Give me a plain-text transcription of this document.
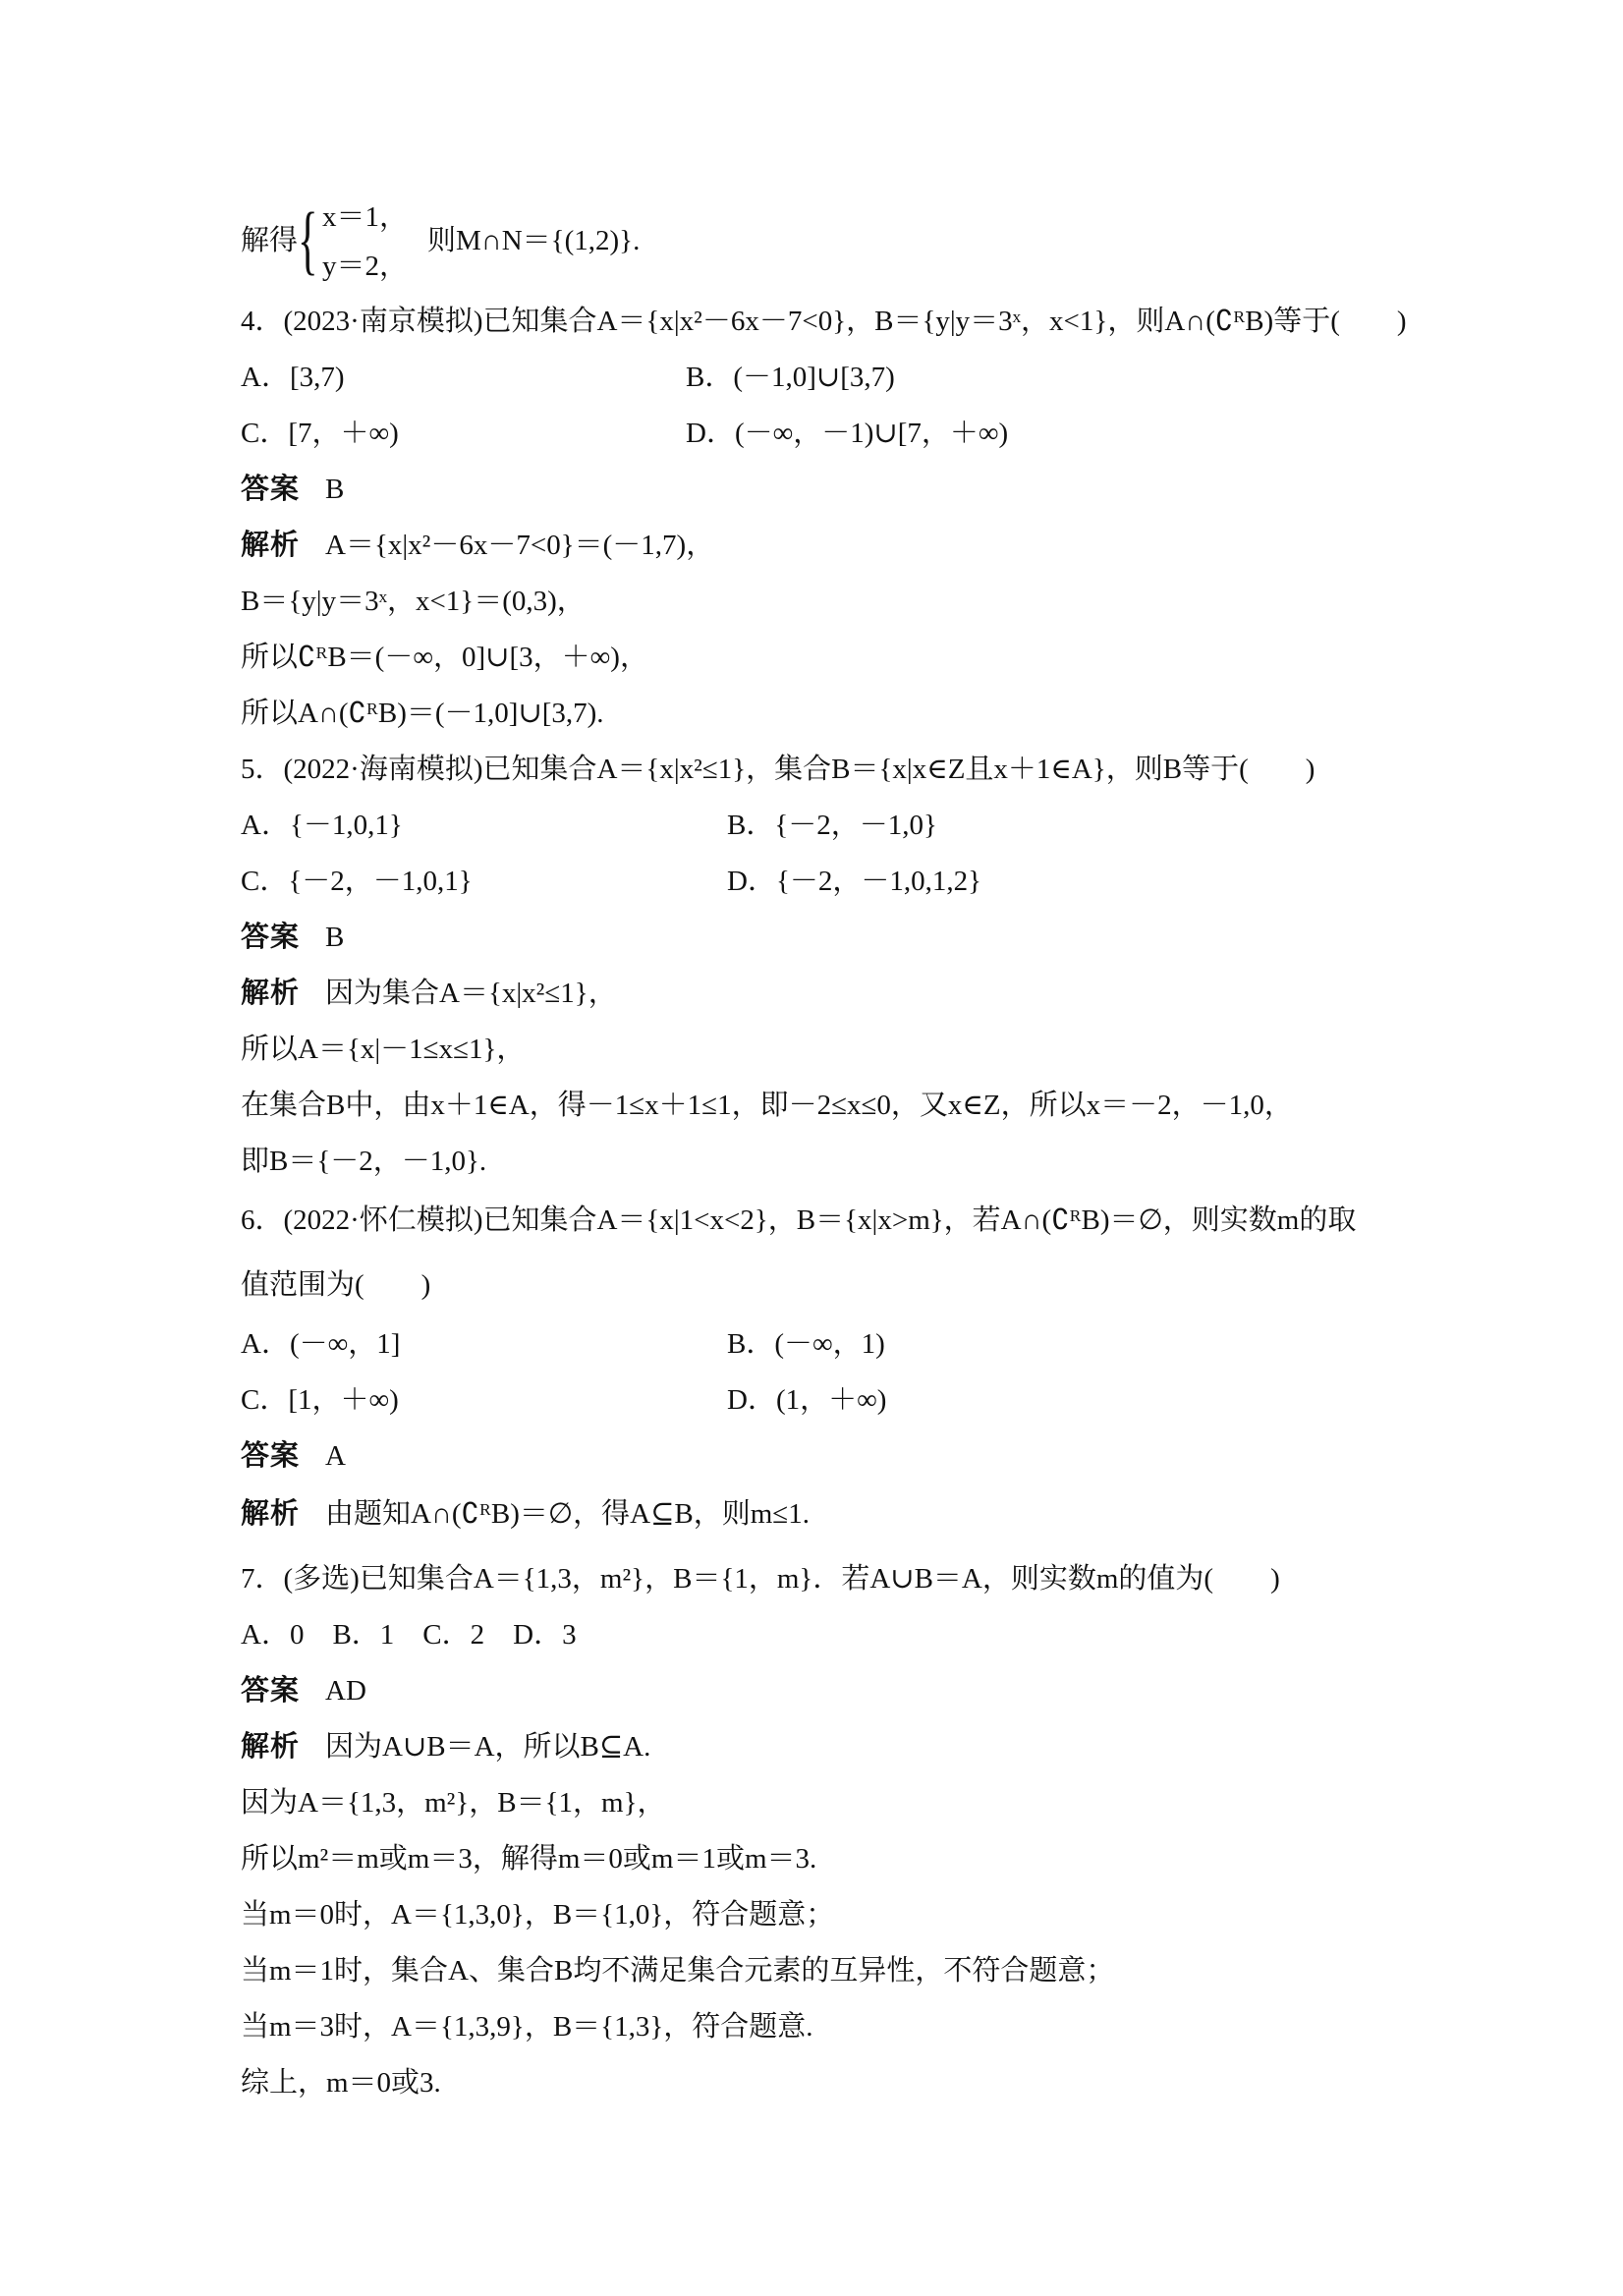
解得 { x＝1，
y＝2，
则M∩N＝{(1,2)}.
4．(2023·南京模拟)已知集合A＝{x|x²－6x－7<0}，B＝{y|y＝3ˣ，x<1}，则A∩(∁ᴿB)等于(　　)
A．[3,7)	B．(－1,0]∪[3,7)
C．[7，＋∞)	D．(－∞，－1)∪[7，＋∞)
答案 B
解析 A＝{x|x²－6x－7<0}＝(－1,7)，
B＝{y|y＝3ˣ，x<1}＝(0,3)，
所以∁ᴿB＝(－∞，0]∪[3，＋∞)，
所以A∩(∁ᴿB)＝(－1,0]∪[3,7).
5．(2022·海南模拟)已知集合A＝{x|x²≤1}，集合B＝{x|x∈Z且x＋1∈A}，则B等于(　　)
A．{－1,0,1}	B．{－2，－1,0}
C．{－2，－1,0,1}	D．{－2，－1,0,1,2}
答案 B
解析 因为集合A＝{x|x²≤1}，
所以A＝{x|－1≤x≤1}，
在集合B中，由x＋1∈A，得－1≤x＋1≤1，即－2≤x≤0，又x∈Z，所以x＝－2，－1,0，
即B＝{－2，－1,0}.
6．(2022·怀仁模拟)已知集合A＝{x|1<x<2}，B＝{x|x>m}，若A∩(∁ᴿB)＝∅，则实数m的取
值范围为(　　)
A．(－∞，1]	B．(－∞，1)
C．[1，＋∞)	D．(1，＋∞)
答案 A
解析 由题知A∩(∁ᴿB)＝∅，得A⊆B，则m≤1.
7．(多选)已知集合A＝{1,3，m²}，B＝{1，m}．若A∪B＝A，则实数m的值为(　　)
A．0　B．1　C．2　D．3
答案 AD
解析 因为A∪B＝A，所以B⊆A.
因为A＝{1,3，m²}，B＝{1，m}，
所以m²＝m或m＝3，解得m＝0或m＝1或m＝3.
当m＝0时，A＝{1,3,0}，B＝{1,0}，符合题意；
当m＝1时，集合A、集合B均不满足集合元素的互异性，不符合题意；
当m＝3时，A＝{1,3,9}，B＝{1,3}，符合题意.
综上，m＝0或3.
